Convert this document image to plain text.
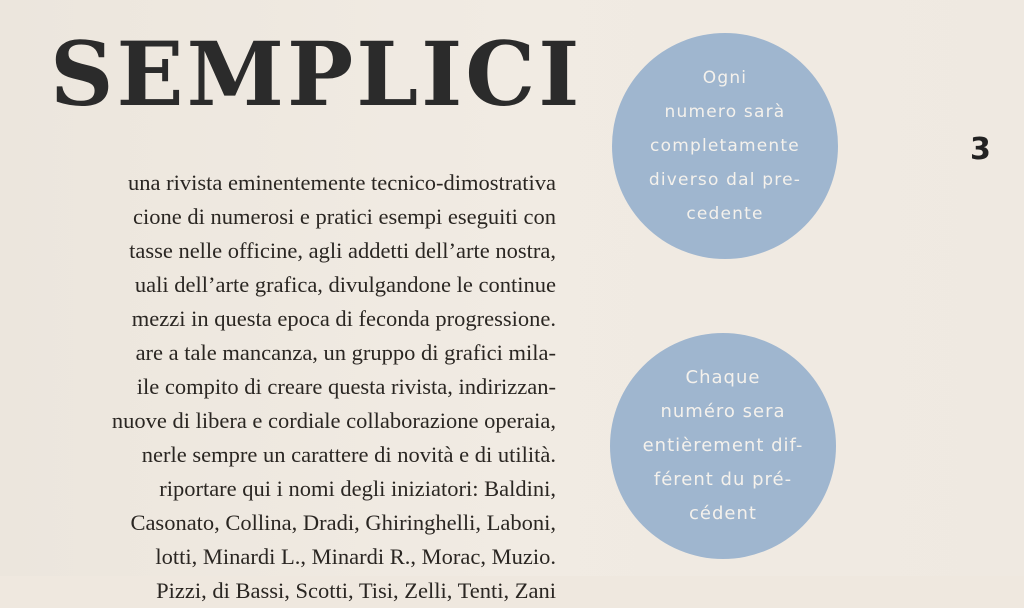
SEMPLICI
una rivista eminentemente tecnico-dimostrativa
cione di numerosi e pratici esempi eseguiti con
tasse nelle officine, agli addetti dell’arte nostra,
uali dell’arte grafica, divulgandone le continue
mezzi in questa epoca di feconda progressione.
are a tale mancanza, un gruppo di grafici mila-
ile compito di creare questa rivista, indirizzan-
nuove di libera e cordiale collaborazione operaia,
nerle sempre un carattere di novità e di utilità.
riportare qui i nomi degli iniziatori: Baldini,
Casonato, Collina, Dradi, Ghiringhelli, Laboni,
lotti, Minardi L., Minardi R., Morac, Muzio.
Pizzi, di Bassi, Scotti, Tisi, Zelli, Tenti, Zani
Ogni
numero sarà
completamente
diverso dal pre-
cedente
3
Chaque
numéro sera
entièrement dif-
férent du pré-
cédent
